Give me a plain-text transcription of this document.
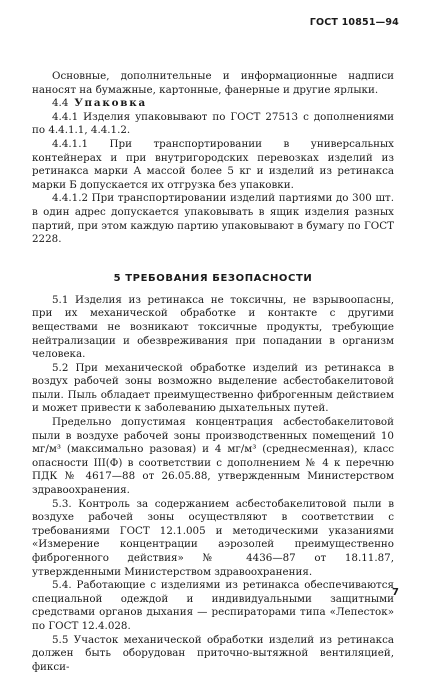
ГОСТ 10851—94

Основные, дополнительные и информационные надписи наносят на бумажные, картонные, фанерные и другие ярлыки.

4.4 Упаковка

4.4.1 Изделия упаковывают по ГОСТ 27513 с дополнениями по 4.4.1.1, 4.4.1.2.

4.4.1.1 При транспортировании в универсальных контейнерах и при внутригородских перевозках изделий из ретинакса марки А массой более 5 кг и изделий из ретинакса марки Б допускается их отгрузка без упаковки.

4.4.1.2 При транспортировании изделий партиями до 300 шт. в один адрес допускается упаковывать в ящик изделия разных партий, при этом каждую партию упаковывают в бумагу по ГОСТ 2228.

5 ТРЕБОВАНИЯ БЕЗОПАСНОСТИ

5.1 Изделия из ретинакса не токсичны, не взрывоопасны, при их механической обработке и контакте с другими веществами не возникают токсичные продукты, требующие нейтрализации и обезвреживания при попадании в организм человека.

5.2 При механической обработке изделий из ретинакса в воздух рабочей зоны возможно выделение асбестобакелитовой пыли. Пыль обладает преимущественно фиброгенным действием и может привести к заболеванию дыхательных путей.

Предельно допустимая концентрация асбестобакелитовой пыли в воздухе рабочей зоны производственных помещений 10 мг/м³ (максимально разовая) и 4 мг/м³ (среднесменная), класс опасности III(Ф) в соответствии с дополнением № 4 к перечню ПДК № 4617—88 от 26.05.88, утвержденным Министерством здравоохранения.

5.3. Контроль за содержанием асбестобакелитовой пыли в воздухе рабочей зоны осуществляют в соответствии с требованиями ГОСТ 12.1.005 и методическими указаниями «Измерение концентрации аэрозолей преимущественно фиброгенного действия» № 4436—87 от 18.11.87, утвержденными Министерством здравоохранения.

5.4. Работающие с изделиями из ретинакса обеспечиваются специальной одеждой и индивидуальными защитными средствами органов дыхания — респираторами типа «Лепесток» по ГОСТ 12.4.028.

5.5 Участок механической обработки изделий из ретинакса должен быть оборудован приточно-вытяжной вентиляцией, фикси-

7
